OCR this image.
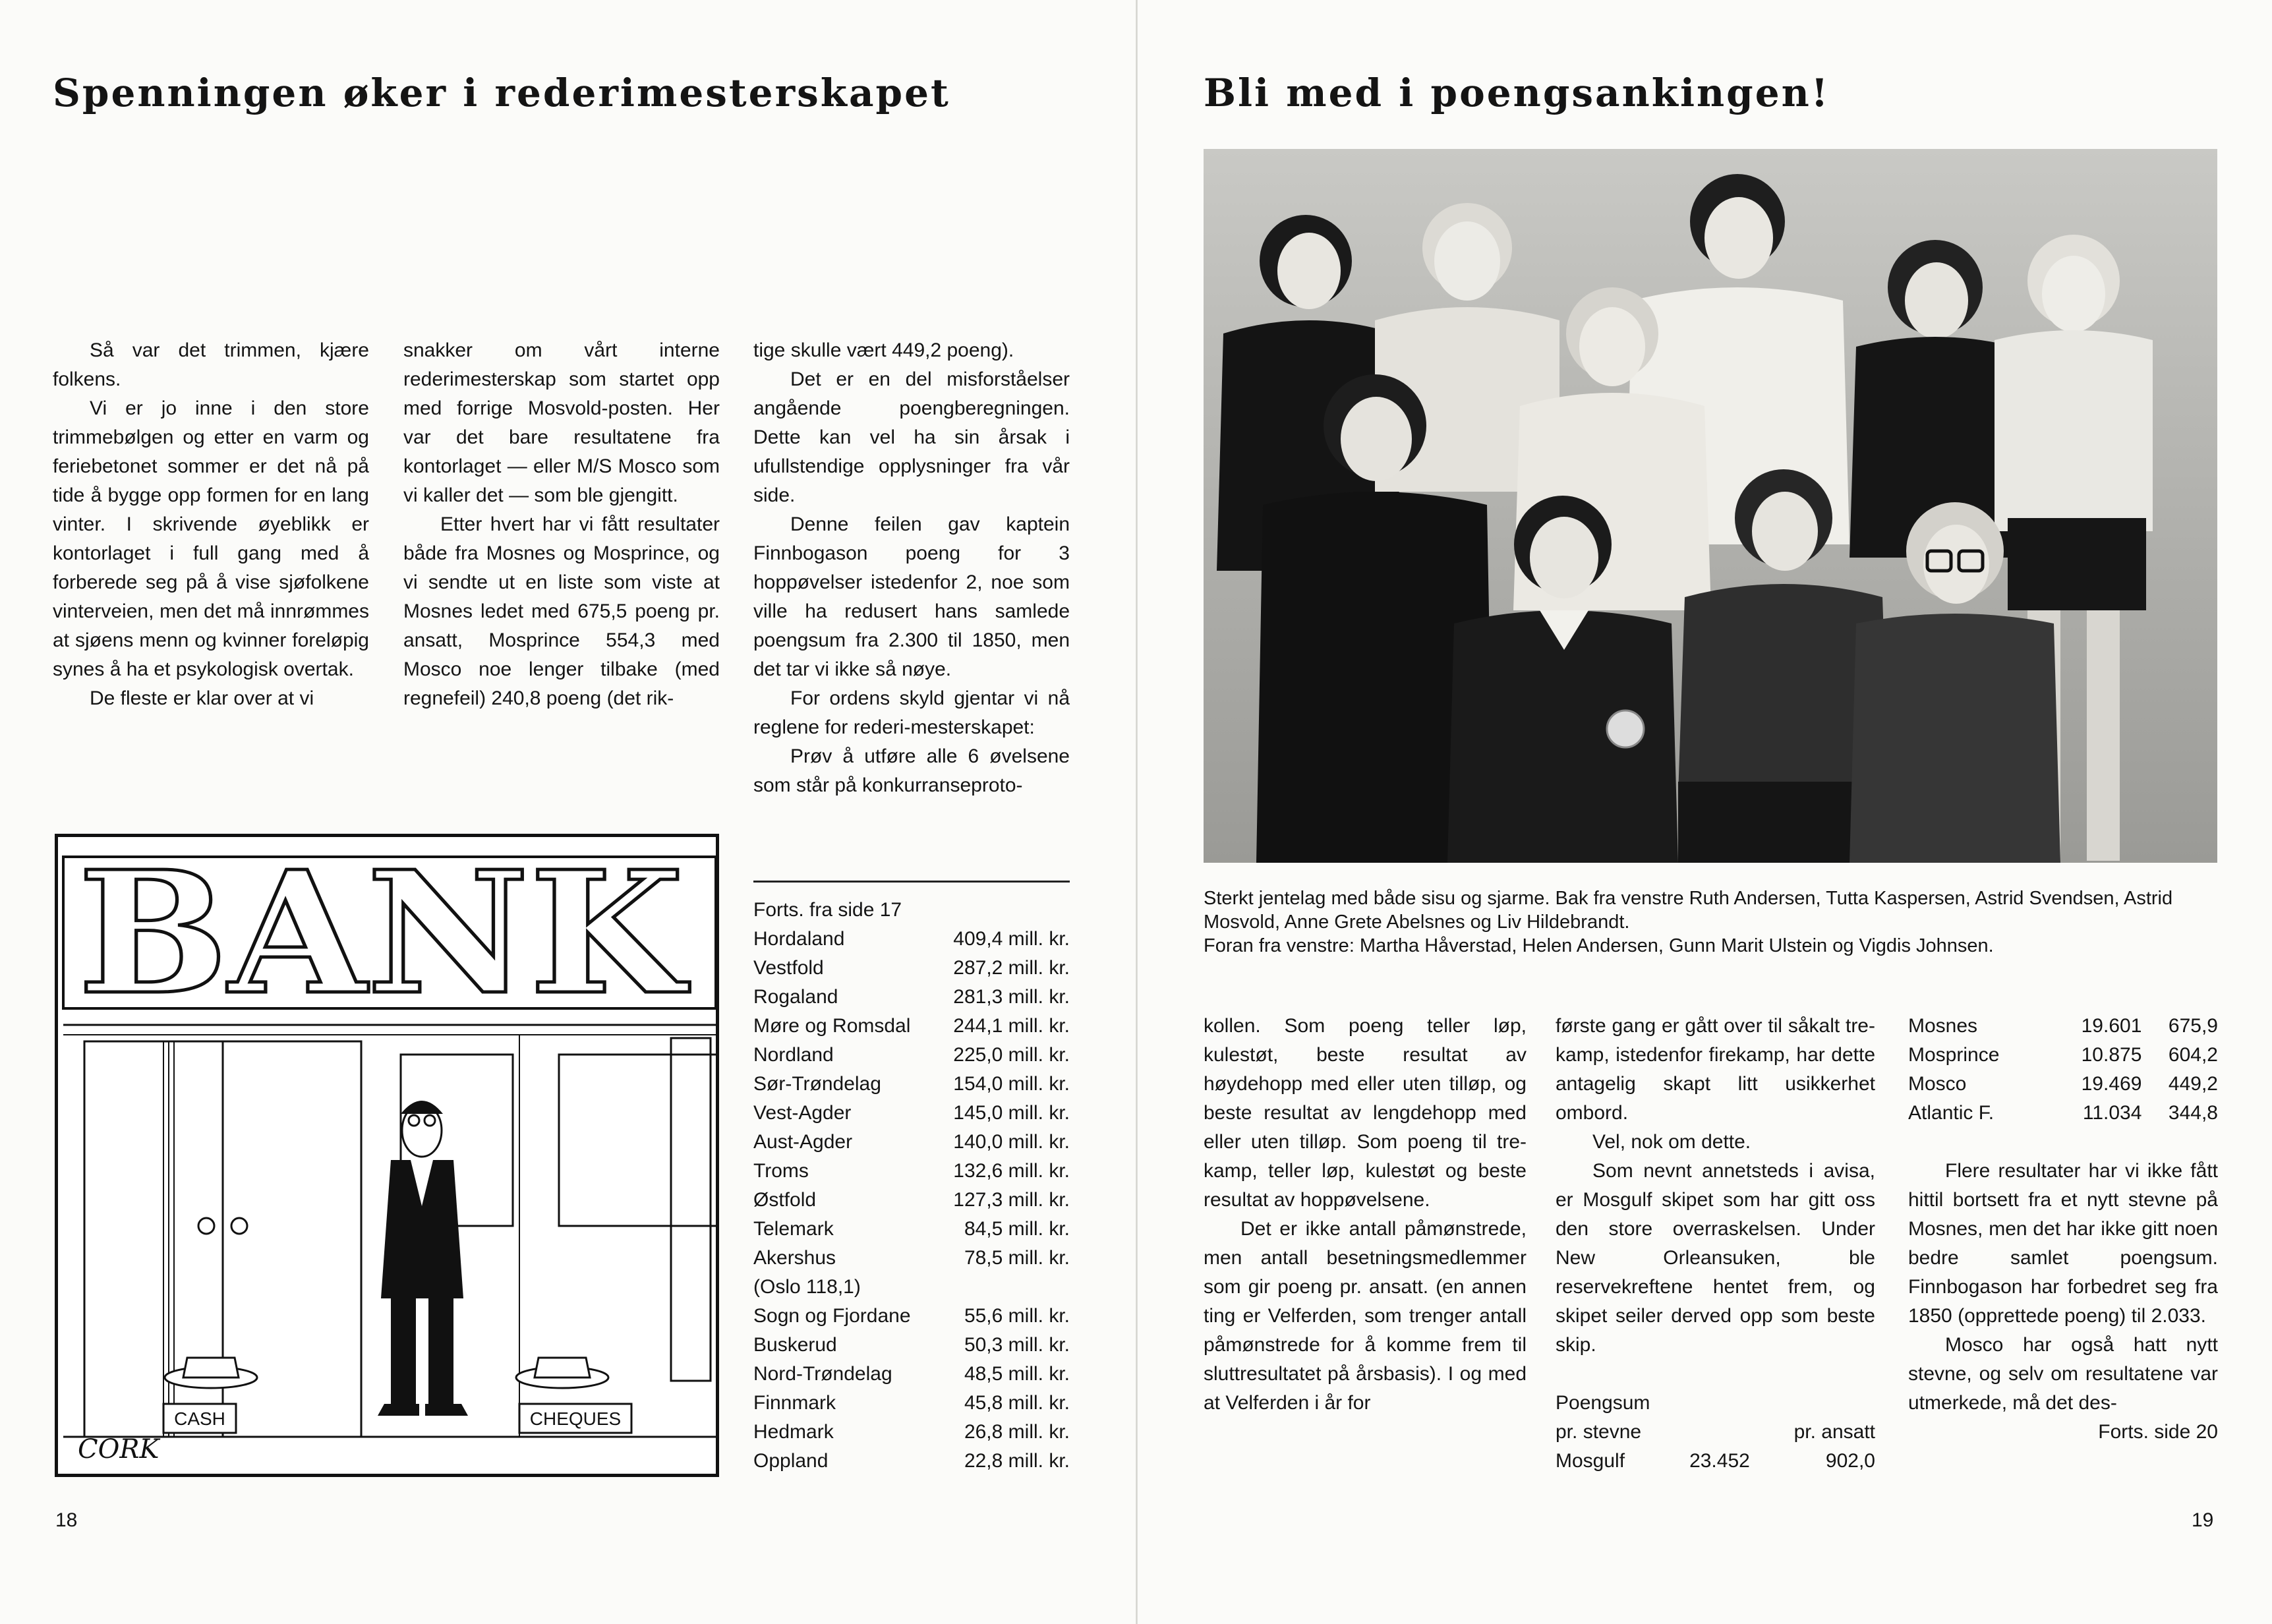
Spenningen øker i rederimesterskapet

Så var det trimmen, kjære folkens.

Vi er jo inne i den store trimmebølgen og etter en varm og feriebetonet sommer er det nå på tide å bygge opp formen for en lang vinter. I skrivende øyeblikk er kontorlaget i full gang med å forberede seg på å vise sjøfolkene vinterveien, men det må innrømmes at sjøens menn og kvinner foreløpig synes å ha et psykologisk overtak.

De fleste er klar over at vi

snakker om vårt interne rederimesterskap som startet opp med forrige Mosvold-posten. Her var det bare resultatene fra kontorlaget — eller M/S Mosco som vi kaller det — som ble gjengitt.

Etter hvert har vi fått resultater både fra Mosnes og Mosprince, og vi sendte ut en liste som viste at Mosnes ledet med 675,5 poeng pr. ansatt, Mosprince 554,3 med Mosco noe lenger tilbake (med regnefeil) 240,8 poeng (det rik-

tige skulle vært 449,2 poeng).

Det er en del misforståelser angående poengberegningen. Dette kan vel ha sin årsak i ufullstendige opplysninger fra vår side.

Denne feilen gav kaptein Finnbogason poeng for 3 hoppøvelser istedenfor 2, noe som ville ha redusert hans samlede poengsum fra 2.300 til 1850, men det tar vi ikke så nøye.

For ordens skyld gjentar vi nå reglene for rederi-mesterskapet:

Prøv å utføre alle 6 øvelsene som står på konkurranseproto-

BANK
CASH	CHEQUES
CORK
Forts. fra side 17
Hordaland	409,4 mill. kr.
Vestfold	287,2 mill. kr.
Rogaland	281,3 mill. kr.
Møre og Romsdal	244,1 mill. kr.
Nordland	225,0 mill. kr.
Sør-Trøndelag	154,0 mill. kr.
Vest-Agder	145,0 mill. kr.
Aust-Agder	140,0 mill. kr.
Troms	132,6 mill. kr.
Østfold	127,3 mill. kr.
Telemark	84,5 mill. kr.
Akershus	78,5 mill. kr.
(Oslo 118,1)	
Sogn og Fjordane	55,6 mill. kr.
Buskerud	50,3 mill. kr.
Nord-Trøndelag	48,5 mill. kr.
Finnmark	45,8 mill. kr.
Hedmark	26,8 mill. kr.
Oppland	22,8 mill. kr.
18
Bli med i poengsankingen!
Sterkt jentelag med både sisu og sjarme. Bak fra venstre Ruth Andersen, Tutta Kaspersen, Astrid Svendsen, Astrid Mosvold, Anne Grete Abelsnes og Liv Hildebrandt.
Foran fra venstre: Martha Håverstad, Helen Andersen, Gunn Marit Ulstein og Vigdis Johnsen.

kollen. Som poeng teller løp, kulestøt, beste resultat av høydehopp med eller uten tilløp, og beste resultat av lengdehopp med eller uten tilløp. Som poeng til tre-kamp, teller løp, kulestøt og beste resultat av hoppøvelsene.

Det er ikke antall påmønstrede, men antall besetningsmedlemmer som gir poeng pr. ansatt. (en annen ting er Velferden, som trenger antall påmønstrede for å komme frem til sluttresultatet på årsbasis). I og med at Velferden i år for

første gang er gått over til såkalt tre-kamp, istedenfor firekamp, har dette antagelig skapt litt usikkerhet ombord.

Vel, nok om dette.

Som nevnt annetsteds i avisa, er Mosgulf skipet som har gitt oss den store overraskelsen. Under New Orleansuken, ble reservekreftene hentet frem, og skipet seiler derved opp som beste skip.

Poengsum		
pr. stevne		pr. ansatt
Mosgulf	23.452	902,0
Mosnes	19.601	675,9
Mosprince	10.875	604,2
Mosco	19.469	449,2
Atlantic F.	11.034	344,8

Flere resultater har vi ikke fått hittil bortsett fra et nytt stevne på Mosnes, men det har ikke gitt noen bedre samlet poengsum. Finnbogason har forbedret seg fra 1850 (opprettede poeng) til 2.033.

Mosco har også hatt nytt stevne, og selv om resultatene var utmerkede, må det des-

Forts. side 20
19
